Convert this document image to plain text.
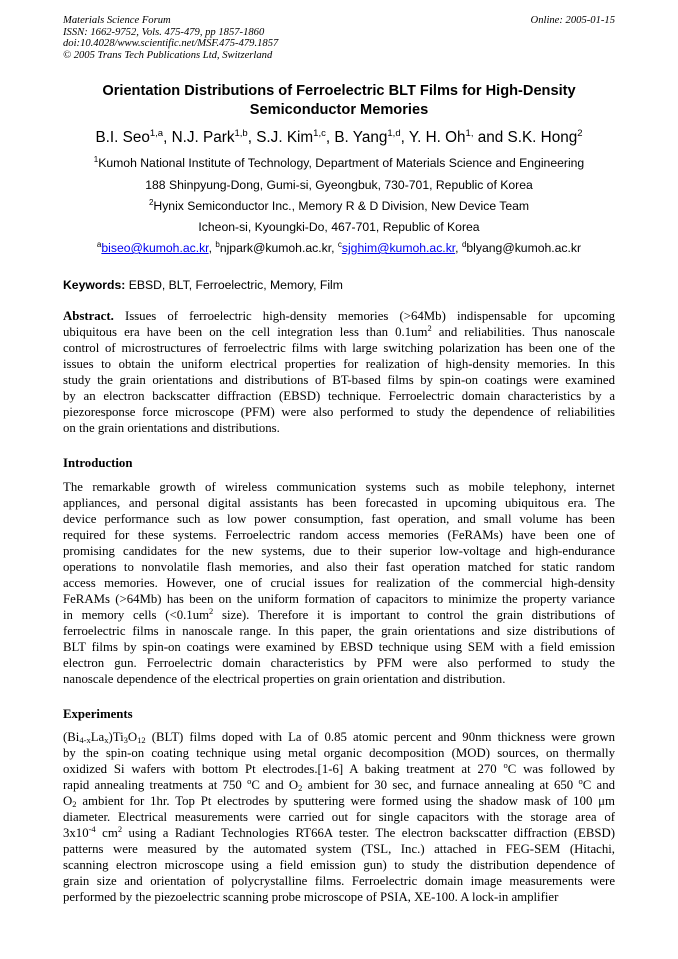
Materials Science Forum
ISSN: 1662-9752, Vols. 475-479, pp 1857-1860
doi:10.4028/www.scientific.net/MSF.475-479.1857
© 2005 Trans Tech Publications Ltd, Switzerland
Online: 2005-01-15
Orientation Distributions of Ferroelectric BLT Films for High-Density
Semiconductor Memories
B.I. Seo$^{1,a}$, N.J. Park$^{1,b}$, S.J. Kim$^{1,c}$, B. Yang$^{1,d}$, Y. H. $Oh^{1,}$ and S.K. Hong$^2$
$^1$Kumoh National Institute of Technology, Department of Materials Science and Engineering
188 Shinpyung-Dong, Gumi-si, Gyeongbuk, 730-701, Republic of Korea
$^2$Hynix Semiconductor Inc., Memory R & D Division, New Device Team
Icheon-si, Kyoungki-Do, 467-701, Republic of Korea
$^a$biseo@kumoh.ac.kr, $^b$njpark@kumoh.ac.kr, $^c$sjghim@kumoh.ac.kr, $^d$blyang@kumoh.ac.kr
Keywords: EBSD, BLT, Ferroelectric, Memory, Film
Abstract. Issues of ferroelectric high-density memories (>64Mb) indispensable for upcoming
ubiquitous era have been on the cell integration less than $0.1um^2$ and reliabilities. Thus nanoscale
control of microstructures of ferroelectric films with large switching polarization has been one of the
issues to obtain the uniform electrical properties for realization of high-density memories. In this
study the grain orientations and distributions of BT-based films by spin-on coatings were examined
by an electron backscatter diffraction (EBSD) technique. Ferroelectric domain characteristics by a
piezoresponse force microscope (PFM) were also performed to study the dependence of reliabilities
on the grain orientations and distributions.
Introduction
The remarkable growth of wireless communication systems such as mobile telephony, internet
appliances, and personal digital assistants has been forecasted in upcoming ubiquitous era. The
device performance such as low power consumption, fast operation, and small volume has been
required for these systems. Ferroelectric random access memories (FeRAMs) have been one of
promising candidates for the new systems, due to their superior low-voltage and high-endurance
operations to nonvolatile flash memories, and also their fast operation matched for static random
access memories. However, one of crucial issues for realization of the commercial high-density
FeRAMs (>64Mb) has been on the uniform formation of capacitors to minimize the property variance
in memory cells ($<0.1um^2$ size). Therefore it is important to control the grain distributions of
ferroelectric films in nanoscale range. In this paper, the grain orientations and size distributions of
BLT films by spin-on coatings were examined by EBSD technique using SEM with a field emission
electron gun. Ferroelectric domain characteristics by PFM were also performed to study the
nanoscale dependence of the electrical properties on grain orientation and distribution.
Experiments
$(Bi_{4-x}La_x)Ti_3O_{12}$ (BLT) films doped with La of 0.85 atomic percent and 90nm thickness were grown
by the spin-on coating technique using metal organic decomposition (MOD) sources, on thermally
oxidized Si wafers with bottom Pt electrodes.[1-6] A baking treatment at 270 $^o$C was followed by
rapid annealing treatments at 750 $^o$C and $O_2$ ambient for 30 sec, and furnace annealing at 650 $^o$C and
$O_2$ ambient for 1hr. Top Pt electrodes by sputtering were formed using the shadow mask of 100 μm
diameter. Electrical measurements were carried out for single capacitors with the storage area of
$3x10^{-4}$ $cm^2$ using a Radiant Technologies RT66A tester. The electron backscatter diffraction (EBSD)
patterns were measured by the automated system (TSL, Inc.) attached in FEG-SEM (Hitachi,
scanning electron microscope using a field emission gun) to study the distribution dependence of
grain size and orientation of polycrystalline films. Ferroelectric domain image measurements were
performed by the piezoelectric scanning probe microscope of PSIA, XE-100. A lock-in amplifier
